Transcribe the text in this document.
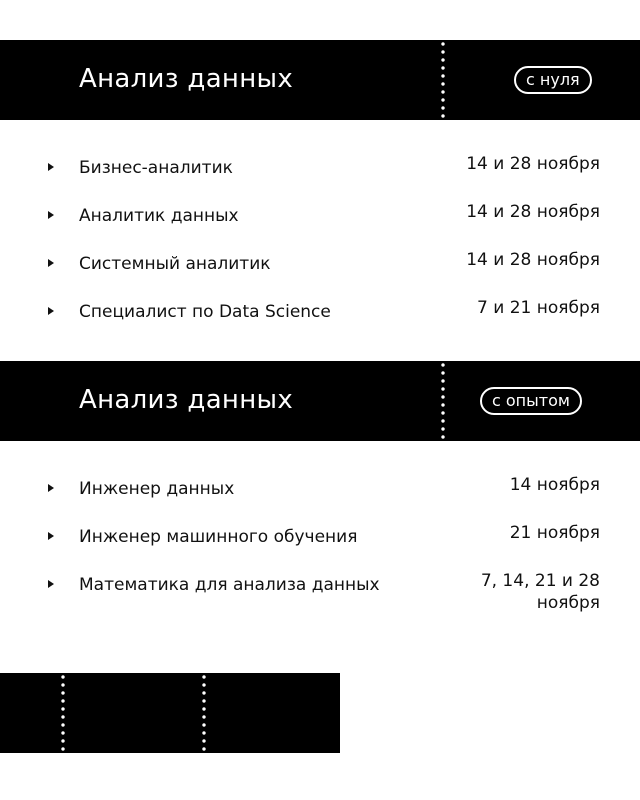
Анализ данных	с нуля
Бизнес-аналитик	14 и 28 ноября
Аналитик данных	14 и 28 ноября
Системный аналитик	14 и 28 ноября
Специалист по Data Science	7 и 21 ноября
Анализ данных	с опытом
Инженер данных	14 ноября
Инженер машинного обучения	21 ноября
Математика для анализа данных	7, 14, 21 и 28
ноября
